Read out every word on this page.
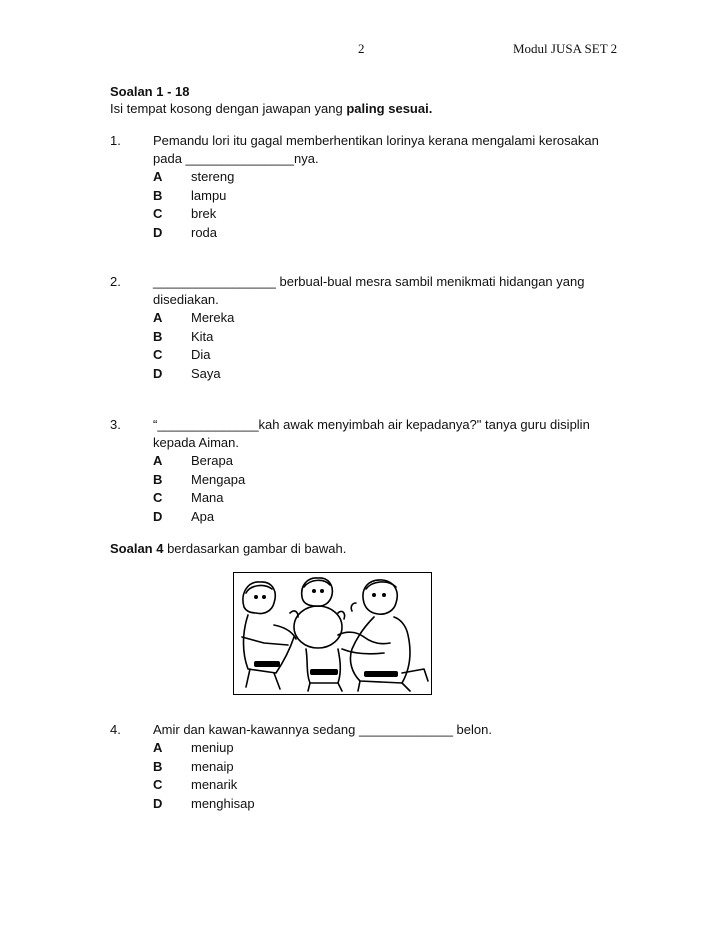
2	Modul JUSA SET 2
Soalan 1 - 18
Isi tempat kosong dengan jawapan yang paling sesuai.
1. Pemandu lori itu gagal memberhentikan lorinya kerana mengalami kerosakan pada _______________nya.
A	stereng
B	lampu
C	brek
D	roda
2. _________________ berbual-bual mesra sambil menikmati hidangan yang disediakan.
A	Mereka
B	Kita
C	Dia
D	Saya
3. “______________kah awak menyimbah air kepadanya?" tanya guru disiplin kepada Aiman.
A	Berapa
B	Mengapa
C	Mana
D	Apa
Soalan 4 berdasarkan gambar di bawah.
4. Amir dan kawan-kawannya sedang _____________ belon.
A	meniup
B	menaip
C	menarik
D	menghisap
